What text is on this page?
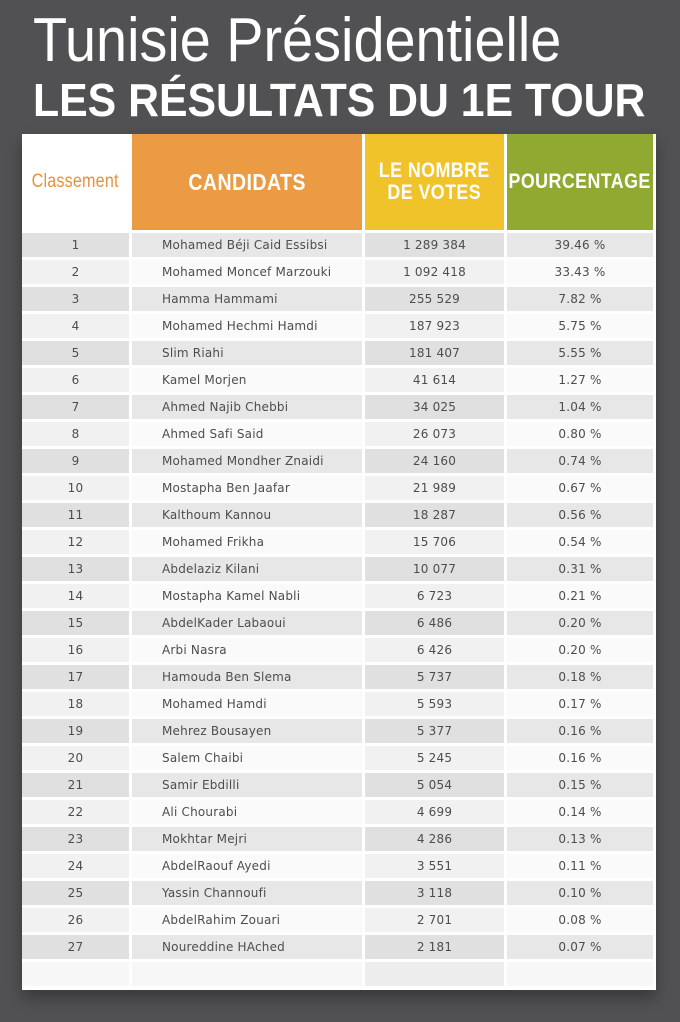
Tunisie Présidentielle
LES RÉSULTATS DU 1E TOUR
Classement	CANDIDATS	LE NOMBRE
DE VOTES	POURCENTAGE
1	Mohamed Béji Caid Essibsi	1 289 384	39.46 %
2	Mohamed Moncef Marzouki	1 092 418	33.43 %
3	Hamma Hammami	255 529	7.82 %
4	Mohamed Hechmi Hamdi	187 923	5.75 %
5	Slim Riahi	181 407	5.55 %
6	Kamel Morjen	41 614	1.27 %
7	Ahmed Najib Chebbi	34 025	1.04 %
8	Ahmed Safi Said	26 073	0.80 %
9	Mohamed Mondher Znaidi	24 160	0.74 %
10	Mostapha Ben Jaafar	21 989	0.67 %
11	Kalthoum Kannou	18 287	0.56 %
12	Mohamed Frikha	15 706	0.54 %
13	Abdelaziz Kilani	10 077	0.31 %
14	Mostapha Kamel Nabli	6 723	0.21 %
15	AbdelKader Labaoui	6 486	0.20 %
16	Arbi Nasra	6 426	0.20 %
17	Hamouda Ben Slema	5 737	0.18 %
18	Mohamed Hamdi	5 593	0.17 %
19	Mehrez Bousayen	5 377	0.16 %
20	Salem Chaibi	5 245	0.16 %
21	Samir Ebdilli	5 054	0.15 %
22	Ali Chourabi	4 699	0.14 %
23	Mokhtar Mejri	4 286	0.13 %
24	AbdelRaouf Ayedi	3 551	0.11 %
25	Yassin Channoufi	3 118	0.10 %
26	AbdelRahim Zouari	2 701	0.08 %
27	Noureddine HAched	2 181	0.07 %
